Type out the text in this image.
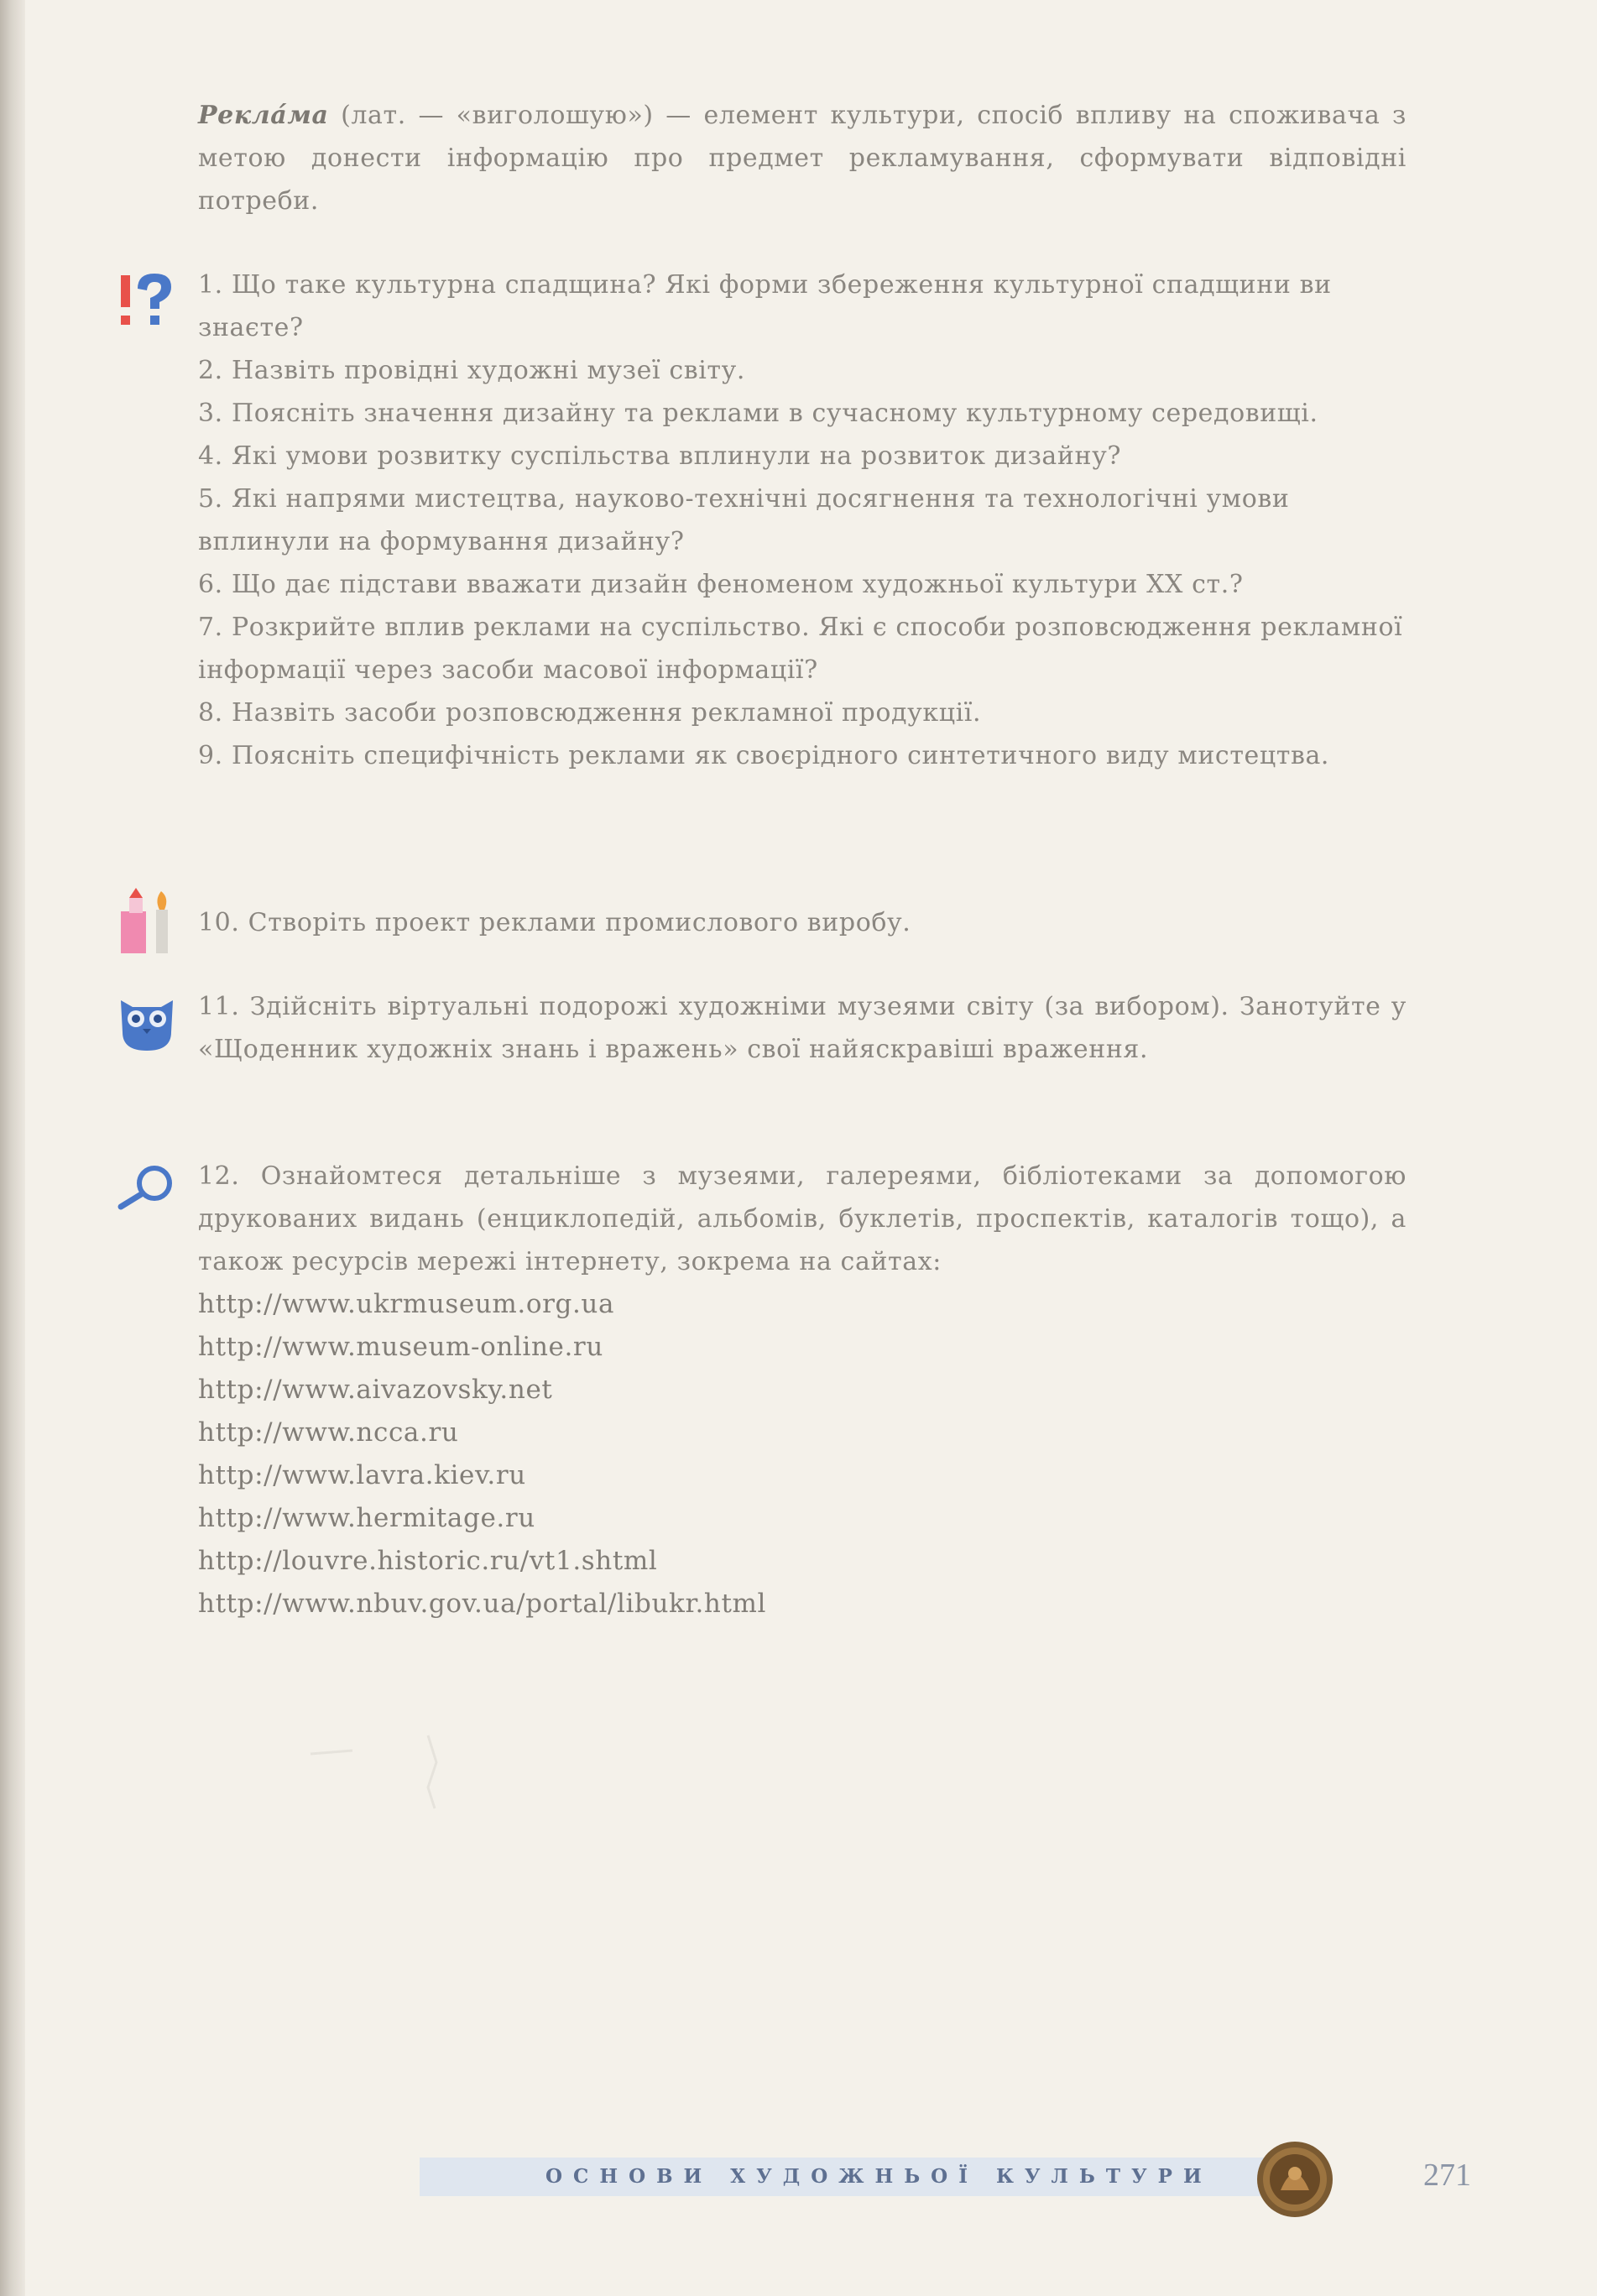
Рекла́ма (лат. — «виголошую») — елемент культури, спосіб впливу на споживача з метою донести інформацію про предмет рекламування, сформувати відповідні потреби.

1. Що таке культурна спадщина? Які форми збереження культурної спадщини ви знаєте?

2. Назвіть провідні художні музеї світу.

3. Поясніть значення дизайну та реклами в сучасному культурному середовищі.

4. Які умови розвитку суспільства вплинули на розвиток дизайну?

5. Які напрями мистецтва, науково-технічні досягнення та технологічні умови вплинули на формування дизайну?

6. Що дає підстави вважати дизайн феноменом художньої культури ХХ ст.?

7. Розкрийте вплив реклами на суспільство. Які є способи розповсюдження рекламної інформації через засоби масової інформації?

8. Назвіть засоби розповсюдження рекламної продукції.

9. Поясніть специфічність реклами як своєрідного синтетичного виду мистецтва.

10. Створіть проект реклами промислового виробу.

11. Здійсніть віртуальні подорожі художніми музеями світу (за вибором). Занотуйте у «Щоденник художніх знань і вражень» свої найяскравіші враження.

12. Ознайомтеся детальніше з музеями, галереями, бібліотеками за допомогою друкованих видань (енциклопедій, альбомів, буклетів, проспектів, каталогів тощо), а також ресурсів мережі інтернету, зокрема на сайтах:

http://www.ukrmuseum.org.ua
http://www.museum-online.ru
http://www.aivazovsky.net
http://www.ncca.ru
http://www.lavra.kiev.ru
http://www.hermitage.ru
http://louvre.historic.ru/vt1.shtml
http://www.nbuv.gov.ua/portal/libukr.html
ОСНОВИ ХУДОЖНЬОЇ КУЛЬТУРИ	271
